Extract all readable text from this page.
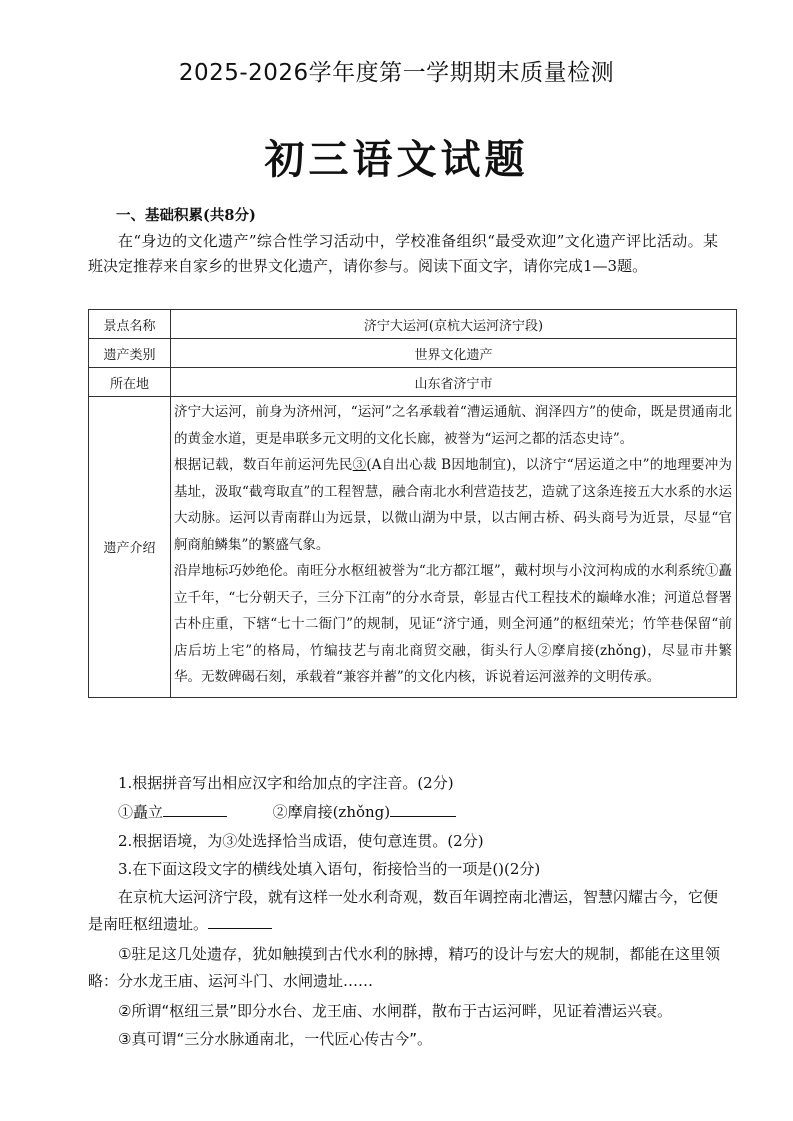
2025-2026学年度第一学期期末质量检测
初三语文试题
一、基础积累(共8分)
在“身边的文化遗产”综合性学习活动中，学校准备组织“最受欢迎”文化遗产评比活动。某班决定推荐来自家乡的世界文化遗产，请你参与。阅读下面文字，请你完成1—3题。
景点名称	济宁大运河(京杭大运河济宁段)
遗产类别	世界文化遗产
所在地	山东省济宁市
遗产介绍	济宁大运河，前身为济州河，“运河”之名承载着“漕运通航、润泽四方”的使命，既是贯通南北的黄金水道，更是串联多元文明的文化长廊，被誉为“运河之都的活态史诗”。

根据记载，数百年前运河先民③(A自出心裁 B因地制宜)，以济宁“居运道之中”的地理要冲为基址，汲取“截弯取直”的工程智慧，融合南北水利营造技艺，造就了这条连接五大水系的水运大动脉。运河以青南群山为远景，以微山湖为中景，以古闸古桥、码头商号为近景，尽显“官舸商舶鳞集”的繁盛气象。

沿岸地标巧妙绝伦。南旺分水枢纽被誉为“北方都江堰”，戴村坝与小汶河构成的水利系统①矗立千年，“七分朝天子，三分下江南”的分水奇景，彰显古代工程技术的巅峰水准；河道总督署古朴庄重，下辖“七十二衙门”的规制，见证“济宁通，则全河通”的枢纽荣光；竹竿巷保留“前店后坊上宅”的格局，竹编技艺与南北商贸交融，街头行人②摩肩接(zhǒng)，尽显市井繁华。无数碑碣石刻，承载着“兼容并蓄”的文化内核，诉说着运河滋养的文明传承。

1.根据拼音写出相应汉字和给加点的字注音。(2分)
①矗立	②摩肩接(zhǒng)
2.根据语境，为③处选择恰当成语，使句意连贯。(2分)
3.在下面这段文字的横线处填入语句，衔接恰当的一项是()(2分)
在京杭大运河济宁段，就有这样一处水利奇观，数百年调控南北漕运，智慧闪耀古今，它便是南旺枢纽遗址。
①驻足这几处遗存，犹如触摸到古代水利的脉搏，精巧的设计与宏大的规制，都能在这里领略：分水龙王庙、运河斗门、水闸遗址……
②所谓“枢纽三景”即分水台、龙王庙、水闸群，散布于古运河畔，见证着漕运兴衰。
③真可谓“三分水脉通南北，一代匠心传古今”。
